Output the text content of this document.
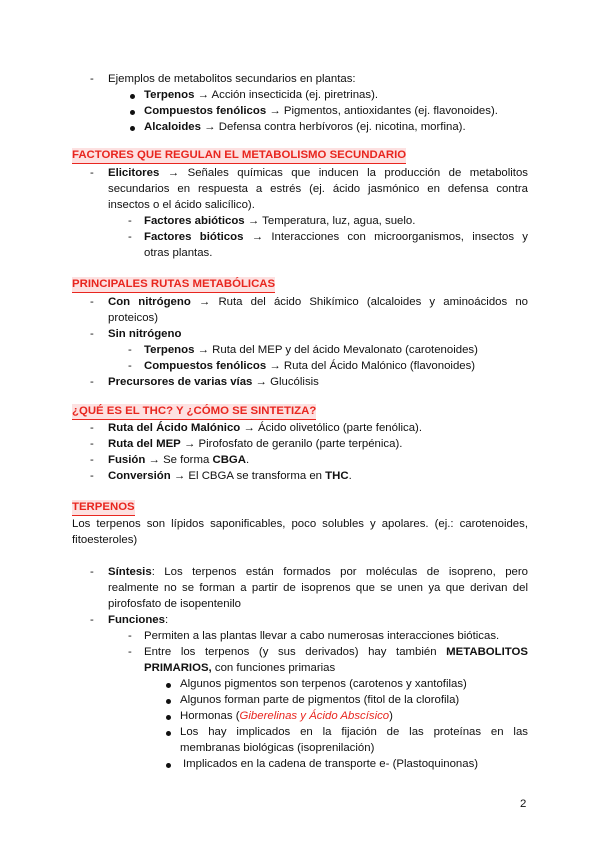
- Ejemplos de metabolitos secundarios en plantas:
Terpenos → Acción insecticida (ej. piretrinas).
Compuestos fenólicos → Pigmentos, antioxidantes (ej. flavonoides).
Alcaloides → Defensa contra herbívoros (ej. nicotina, morfina).
FACTORES QUE REGULAN EL METABOLISMO SECUNDARIO
- Elicitores → Señales químicas que inducen la producción de metabolitos
secundarios en respuesta a estrés (ej. ácido jasmónico en defensa contra
insectos o el ácido salicílico).
- Factores abióticos → Temperatura, luz, agua, suelo.
- Factores bióticos → Interacciones con microorganismos, insectos y
otras plantas.
PRINCIPALES RUTAS METABÓLICAS
- Con nitrógeno → Ruta del ácido Shikímico (alcaloides y aminoácidos no
proteicos)
- Sin nitrógeno
- Terpenos → Ruta del MEP y del ácido Mevalonato (carotenoides)
- Compuestos fenólicos → Ruta del Ácido Malónico (flavonoides)
- Precursores de varias vías → Glucólisis
¿QUÉ ES EL THC? Y ¿CÓMO SE SINTETIZA?
- Ruta del Ácido Malónico → Ácido olivetólico (parte fenólica).
- Ruta del MEP → Pirofosfato de geranilo (parte terpénica).
- Fusión → Se forma CBGA.
- Conversión → El CBGA se transforma en THC.
TERPENOS
Los terpenos son lípidos saponificables, poco solubles y apolares. (ej.: carotenoides,
fitoesteroles)
- Síntesis: Los terpenos están formados por moléculas de isopreno, pero
realmente no se forman a partir de isoprenos que se unen ya que derivan del
pirofosfato de isopentenilo
- Funciones:
- Permiten a las plantas llevar a cabo numerosas interacciones bióticas.
- Entre los terpenos (y sus derivados) hay también METABOLITOS
PRIMARIOS, con funciones primarias
Algunos pigmentos son terpenos (carotenos y xantofilas)
Algunos forman parte de pigmentos (fitol de la clorofila)
Hormonas (Giberelinas y Ácido Abscísico)
Los hay implicados en la fijación de las proteínas en las
membranas biológicas (isoprenilación)
Implicados en la cadena de transporte e- (Plastoquinonas)
2
